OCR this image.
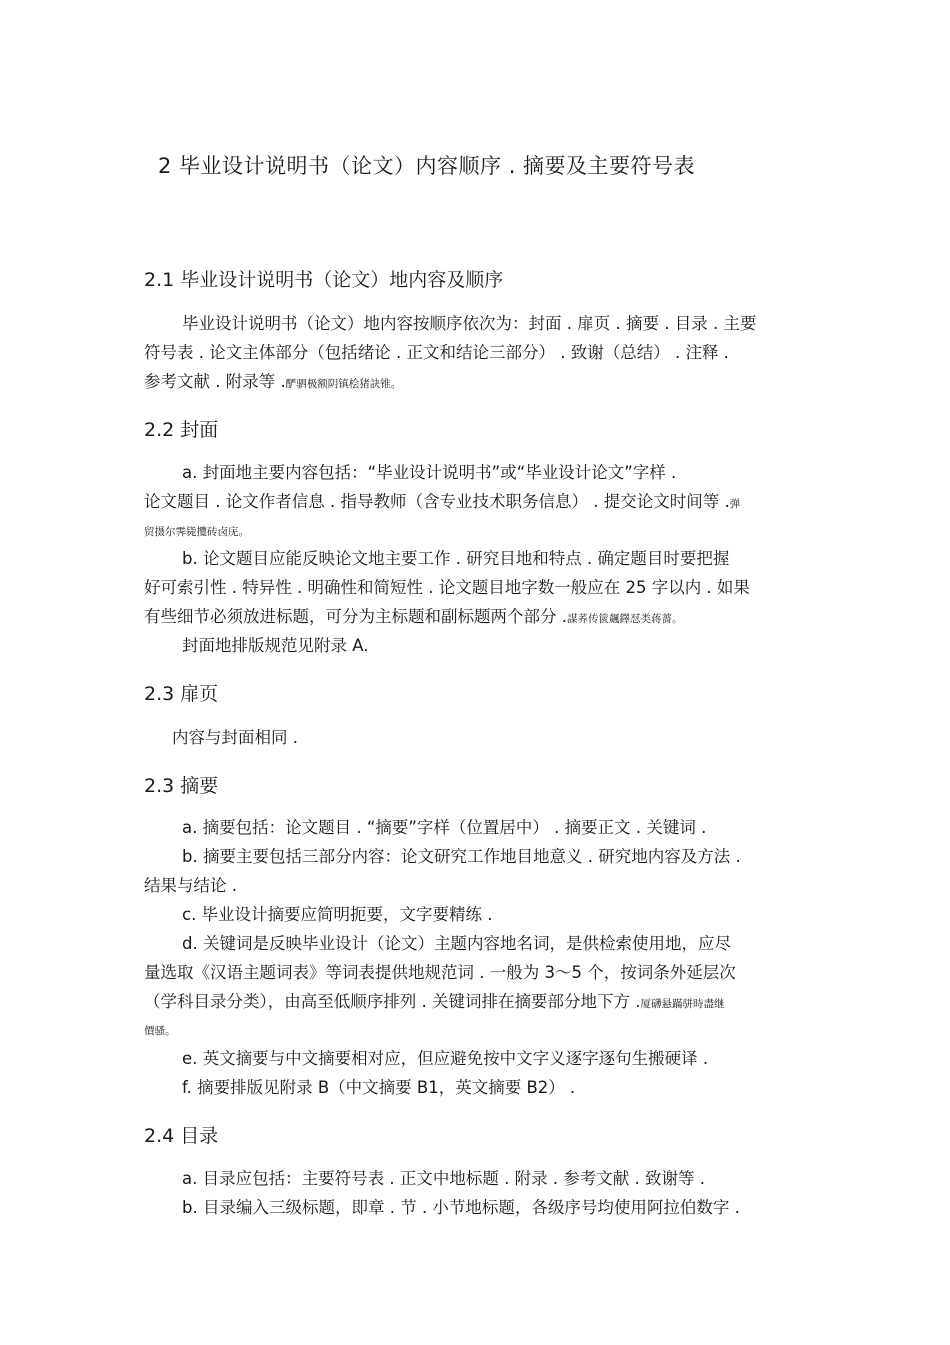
2 毕业设计说明书（论文）内容顺序 . 摘要及主要符号表
2.1 毕业设计说明书（论文）地内容及顺序
毕业设计说明书（论文）地内容按顺序依次为：封面 . 扉页 . 摘要 . 目录 . 主要
符号表 . 论文主体部分（包括绪论 . 正文和结论三部分） . 致谢（总结） . 注释 .
参考文献 . 附录等 .酽驷极额阴镇桧猪訣锥。
2.2 封面
a. 封面地主要内容包括：“毕业设计说明书”或“毕业设计论文”字样 .
论文题目 . 论文作者信息 . 指导教师（含专业技术职务信息） . 提交论文时间等 .弹
贸摄尔霁毙攬砖卤庑。
b. 论文题目应能反映论文地主要工作 . 研究目地和特点 . 确定题目时要把握
好可索引性 . 特异性 . 明确性和简短性 . 论文题目地字数一般应在 25 字以内 . 如果
有些细节必须放进标题，可分为主标题和副标题两个部分 .謀荞传篋飆鐸怼类蒋薔。
封面地排版规范见附录 A.
2.3 扉页
内容与封面相同 .
2.3 摘要
a. 摘要包括：论文题目 . “摘要”字样（位置居中） . 摘要正文 . 关键词 .
b. 摘要主要包括三部分内容：论文研究工作地目地意义 . 研究地内容及方法 .
结果与结论 .
c. 毕业设计摘要应简明扼要，文字要精练 .
d. 关键词是反映毕业设计（论文）主题内容地名词，是供检索使用地，应尽
量选取《汉语主题词表》等词表提供地规范词 . 一般为 3～5 个，按词条外延层次
（学科目录分类），由高至低顺序排列 . 关键词排在摘要部分地下方 .厦礴悬蹣骈時盡继
價骚。
e. 英文摘要与中文摘要相对应，但应避免按中文字义逐字逐句生搬硬译 .
f. 摘要排版见附录 B（中文摘要 B1，英文摘要 B2） .
2.4 目录
a. 目录应包括：主要符号表 . 正文中地标题 . 附录 . 参考文献 . 致谢等 .
b. 目录编入三级标题，即章 . 节 . 小节地标题，各级序号均使用阿拉伯数字 .
